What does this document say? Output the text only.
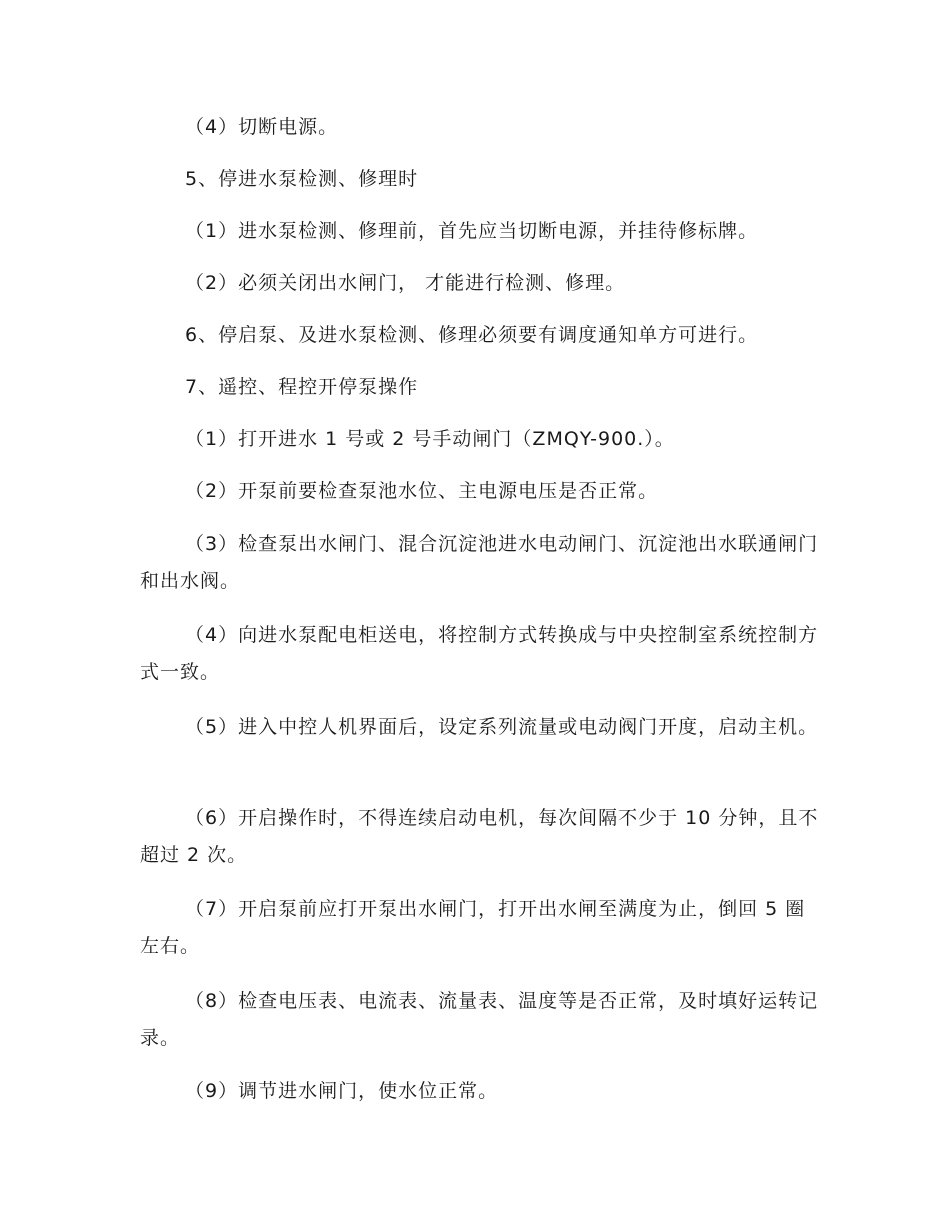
（4）切断电源。
5、停进水泵检测、修理时
（1）进水泵检测、修理前，首先应当切断电源，并挂待修标牌。
（2）必须关闭出水闸门， 才能进行检测、修理。
6、停启泵、及进水泵检测、修理必须要有调度通知单方可进行。
7、遥控、程控开停泵操作
（1）打开进水 1 号或 2 号手动闸门（ZMQY-900.）。
（2）开泵前要检查泵池水位、主电源电压是否正常。
（3）检查泵出水闸门、混合沉淀池进水电动闸门、沉淀池出水联通闸门和出水阀。
（4）向进水泵配电柜送电，将控制方式转换成与中央控制室系统控制方式一致。
（5）进入中控人机界面后，设定系列流量或电动阀门开度，启动主机。
（6）开启操作时，不得连续启动电机，每次间隔不少于 10 分钟，且不超过 2 次。
（7）开启泵前应打开泵出水闸门，打开出水闸至满度为止，倒回 5 圈左右。
（8）检查电压表、电流表、流量表、温度等是否正常，及时填好运转记录。
（9）调节进水闸门，使水位正常。
